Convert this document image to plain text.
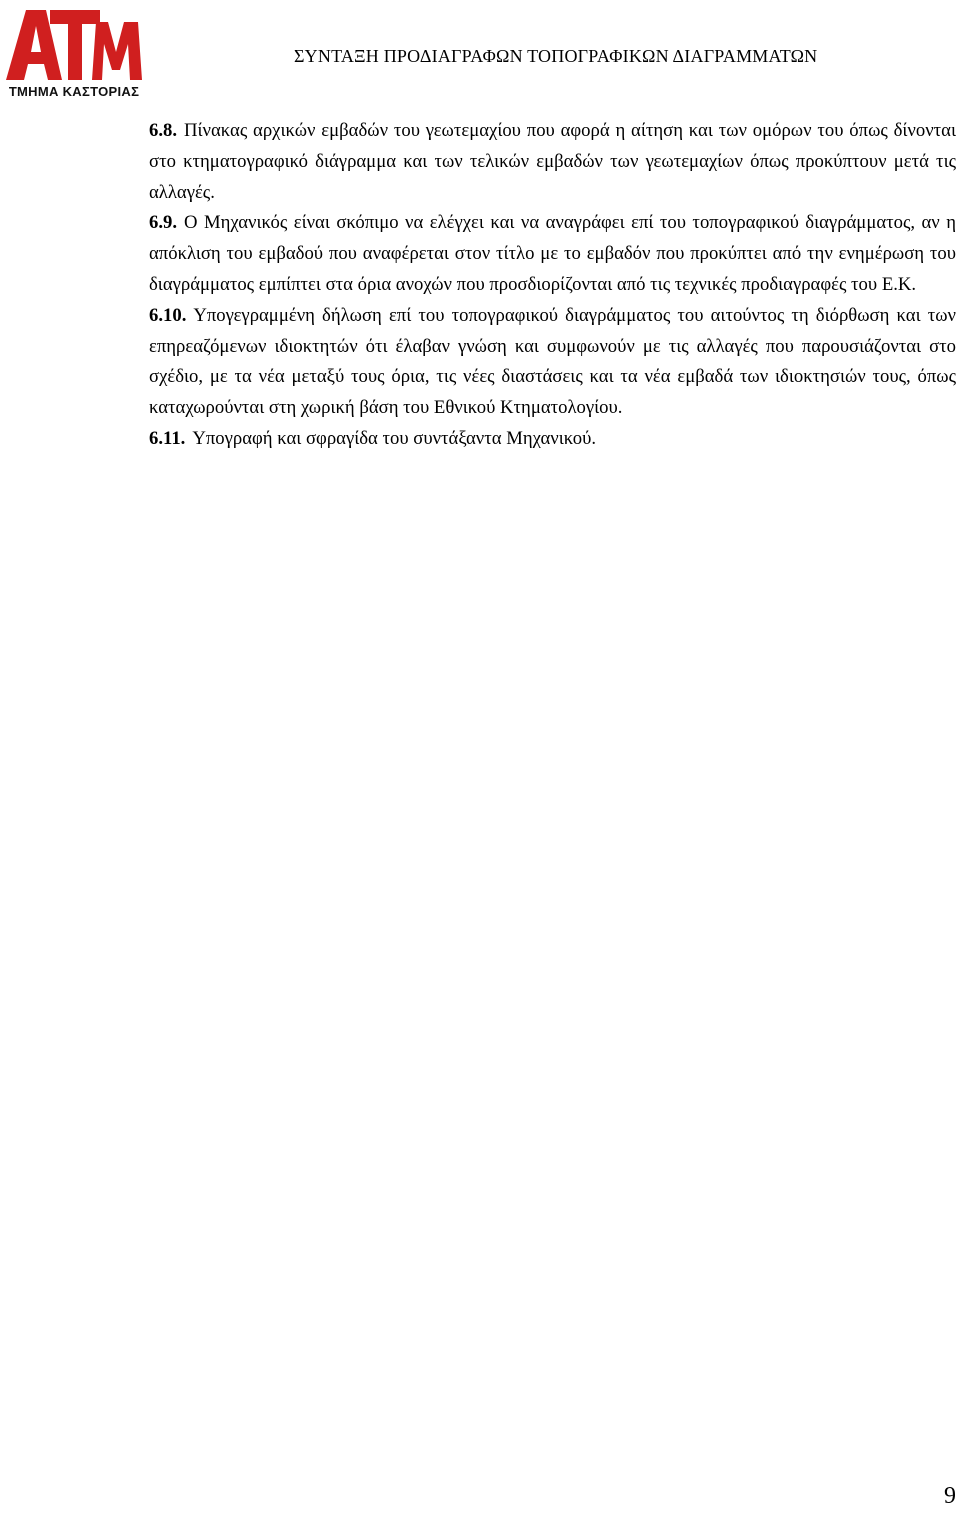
ΤΜΗΜΑ ΚΑΣΤΟΡΙΑΣ
ΣΥΝΤΑΞΗ ΠΡΟΔΙΑΓΡΑΦΩΝ ΤΟΠΟΓΡΑΦΙΚΩΝ ΔΙΑΓΡΑΜΜΑΤΩΝ

6.8. Πίνακας αρχικών εμβαδών του γεωτεμαχίου που αφορά η αίτηση και των ομόρων του όπως δίνονται στο κτηματογραφικό διάγραμμα και των τελικών εμβαδών των γεωτεμαχίων όπως προκύπτουν μετά τις αλλαγές.

6.9. Ο Μηχανικός είναι σκόπιμο να ελέγχει και να αναγράφει επί του τοπογραφικού διαγράμματος, αν η απόκλιση του εμβαδού που αναφέρεται στον τίτλο με το εμβαδόν που προκύπτει από την ενημέρωση του διαγράμματος εμπίπτει στα όρια ανοχών που προσδιορίζονται από τις τεχνικές προδιαγραφές του Ε.Κ.

6.10. Υπογεγραμμένη δήλωση επί του τοπογραφικού διαγράμματος του αιτούντος τη διόρθωση και των επηρεαζόμενων ιδιοκτητών ότι έλαβαν γνώση και συμφωνούν με τις αλλαγές που παρουσιάζονται στο σχέδιο, με τα νέα μεταξύ τους όρια, τις νέες διαστάσεις και τα νέα εμβαδά των ιδιοκτησιών τους, όπως καταχωρούνται στη χωρική βάση του Εθνικού Κτηματολογίου.

6.11. Υπογραφή και σφραγίδα του συντάξαντα Μηχανικού.

9
